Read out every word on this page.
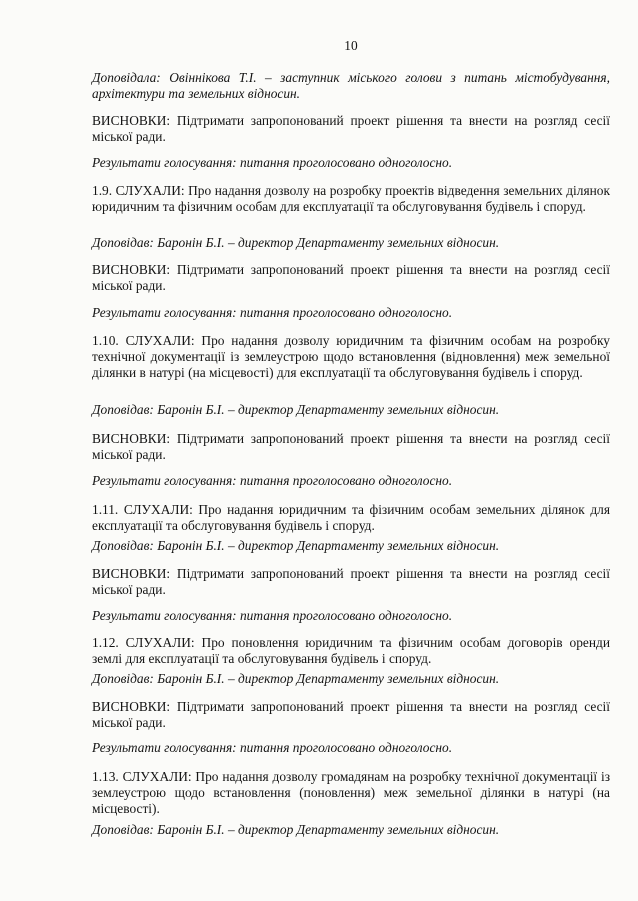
10

Доповідала: Овіннікова Т.І. – заступник міського голови з питань містобудування, архітектури та земельних відносин.

ВИСНОВКИ: Підтримати запропонований проект рішення та внести на розгляд сесії міської ради.

Результати голосування: питання проголосовано одноголосно.

1.9. СЛУХАЛИ: Про надання дозволу на розробку проектів відведення земельних ділянок юридичним та фізичним особам для експлуатації та обслуговування будівель і споруд.

Доповідав: Баронін Б.І. – директор Департаменту земельних відносин.

ВИСНОВКИ: Підтримати запропонований проект рішення та внести на розгляд сесії міської ради.

Результати голосування: питання проголосовано одноголосно.

1.10. СЛУХАЛИ: Про надання дозволу юридичним та фізичним особам на розробку технічної документації із землеустрою щодо встановлення (відновлення) меж земельної ділянки в натурі (на місцевості) для експлуатації та обслуговування будівель і споруд.

Доповідав: Баронін Б.І. – директор Департаменту земельних відносин.

ВИСНОВКИ: Підтримати запропонований проект рішення та внести на розгляд сесії міської ради.

Результати голосування: питання проголосовано одноголосно.

1.11. СЛУХАЛИ: Про надання юридичним та фізичним особам земельних ділянок для експлуатації та обслуговування будівель і споруд.

Доповідав: Баронін Б.І. – директор Департаменту земельних відносин.

ВИСНОВКИ: Підтримати запропонований проект рішення та внести на розгляд сесії міської ради.

Результати голосування: питання проголосовано одноголосно.

1.12. СЛУХАЛИ: Про поновлення юридичним та фізичним особам договорів оренди землі для експлуатації та обслуговування будівель і споруд.

Доповідав: Баронін Б.І. – директор Департаменту земельних відносин.

ВИСНОВКИ: Підтримати запропонований проект рішення та внести на розгляд сесії міської ради.

Результати голосування: питання проголосовано одноголосно.

1.13. СЛУХАЛИ: Про надання дозволу громадянам на розробку технічної документації із землеустрою щодо встановлення (поновлення) меж земельної ділянки в натурі (на місцевості).

Доповідав: Баронін Б.І. – директор Департаменту земельних відносин.
